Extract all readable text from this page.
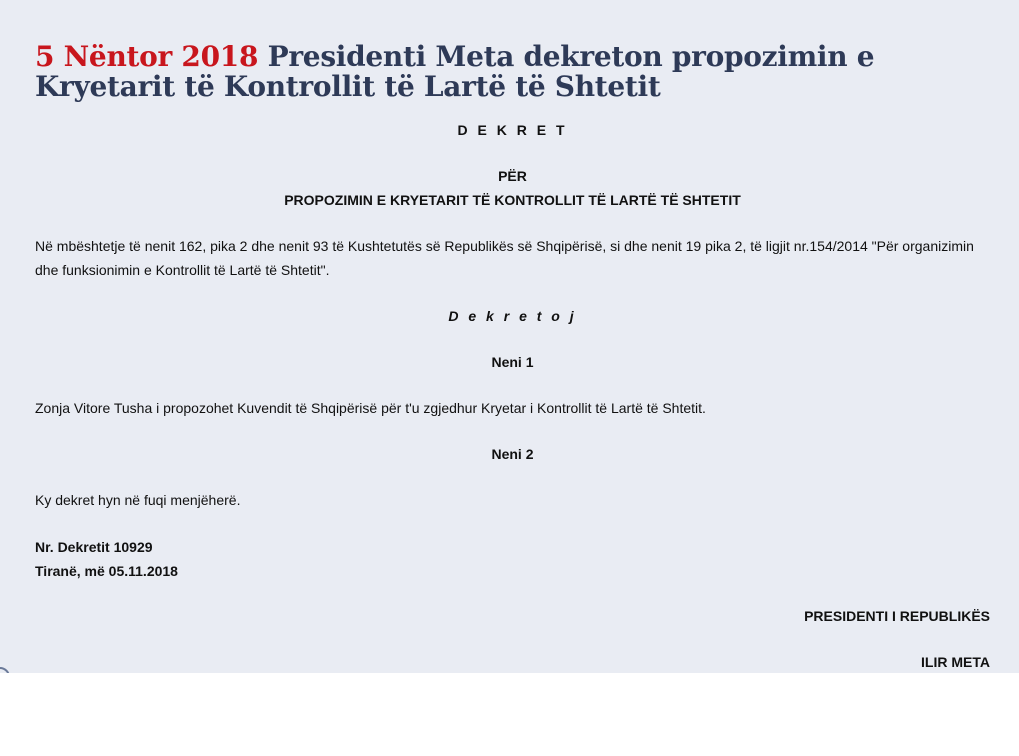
5 Nëntor 2018 Presidenti Meta dekreton propozimin e Kryetarit të Kontrollit të Lartë të Shtetit

D E K R E T

PËR

PROPOZIMIN E KRYETARIT TË KONTROLLIT TË LARTË TË SHTETIT

Në mbështetje të nenit 162, pika 2 dhe nenit 93 të Kushtetutës së Republikës së Shqipërisë, si dhe nenit 19 pika 2, të ligjit nr.154/2014 "Për organizimin dhe funksionimin e Kontrollit të Lartë të Shtetit".

D e k r e t o j

Neni 1

Zonja Vitore Tusha i propozohet Kuvendit të Shqipërisë për t'u zgjedhur Kryetar i Kontrollit të Lartë të Shtetit.

Neni 2

Ky dekret hyn në fuqi menjëherë.

Nr. Dekretit 10929

Tiranë, më 05.11.2018

PRESIDENTI I REPUBLIKËS

ILIR META
